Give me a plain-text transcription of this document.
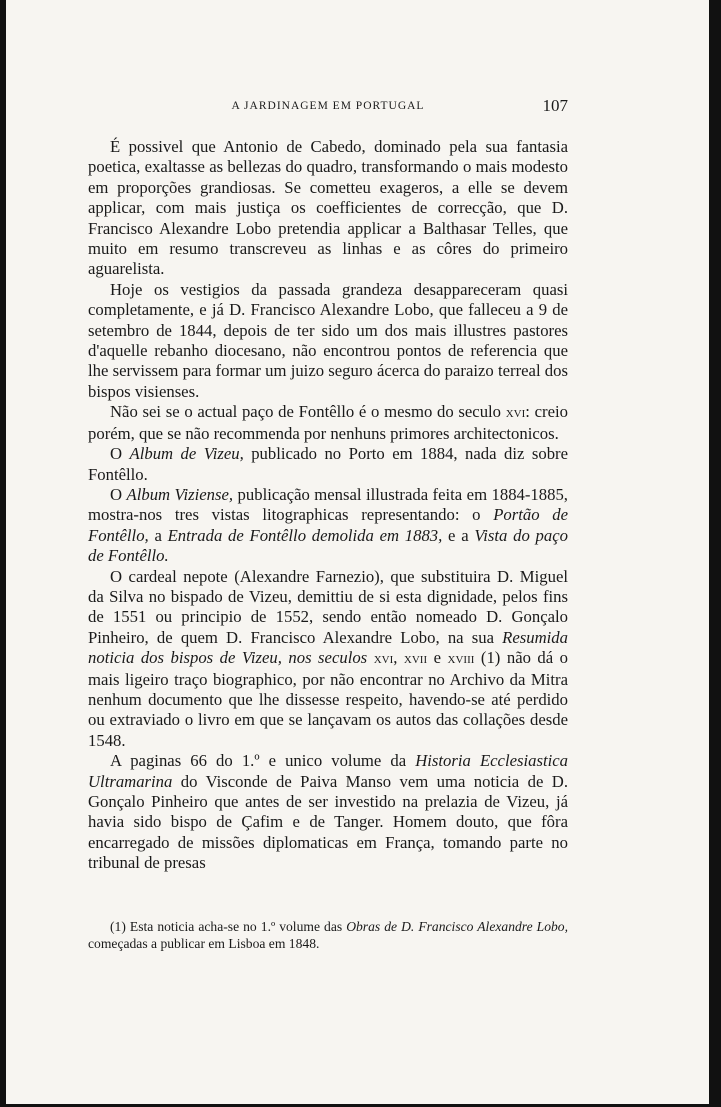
A JARDINAGEM EM PORTUGAL	107

É possivel que Antonio de Cabedo, dominado pela sua fantasia poetica, exaltasse as bellezas do quadro, transformando o mais modesto em proporções grandiosas. Se cometteu exageros, a elle se devem applicar, com mais justiça os coefficientes de correcção, que D. Francisco Alexandre Lobo pretendia applicar a Balthasar Telles, que muito em resumo transcreveu as linhas e as côres do primeiro aguarelista.

Hoje os vestigios da passada grandeza desappareceram quasi completamente, e já D. Francisco Alexandre Lobo, que falleceu a 9 de setembro de 1844, depois de ter sido um dos mais illustres pastores d'aquelle rebanho diocesano, não encontrou pontos de referencia que lhe servissem para formar um juizo seguro ácerca do paraizo terreal dos bispos visienses.

Não sei se o actual paço de Fontêllo é o mesmo do seculo xvi: creio porém, que se não recommenda por nenhuns primores architectonicos.

O Album de Vizeu, publicado no Porto em 1884, nada diz sobre Fontêllo.

O Album Viziense, publicação mensal illustrada feita em 1884-1885, mostra-nos tres vistas litographicas representando: o Portão de Fontêllo, a Entrada de Fontêllo demolida em 1883, e a Vista do paço de Fontêllo.

O cardeal nepote (Alexandre Farnezio), que substituira D. Miguel da Silva no bispado de Vizeu, demittiu de si esta dignidade, pelos fins de 1551 ou principio de 1552, sendo então nomeado D. Gonçalo Pinheiro, de quem D. Francisco Alexandre Lobo, na sua Resumida noticia dos bispos de Vizeu, nos seculos xvi, xvii e xviii (1) não dá o mais ligeiro traço biographico, por não encontrar no Archivo da Mitra nenhum documento que lhe dissesse respeito, havendo-se até perdido ou extraviado o livro em que se lançavam os autos das collações desde 1548.

A paginas 66 do 1.º e unico volume da Historia Ecclesiastica Ultramarina do Visconde de Paiva Manso vem uma noticia de D. Gonçalo Pinheiro que antes de ser investido na prelazia de Vizeu, já havia sido bispo de Çafim e de Tanger. Homem douto, que fôra encarregado de missões diplomaticas em França, tomando parte no tribunal de presas

(1) Esta noticia acha-se no 1.º volume das Obras de D. Francisco Alexandre Lobo, começadas a publicar em Lisboa em 1848.
